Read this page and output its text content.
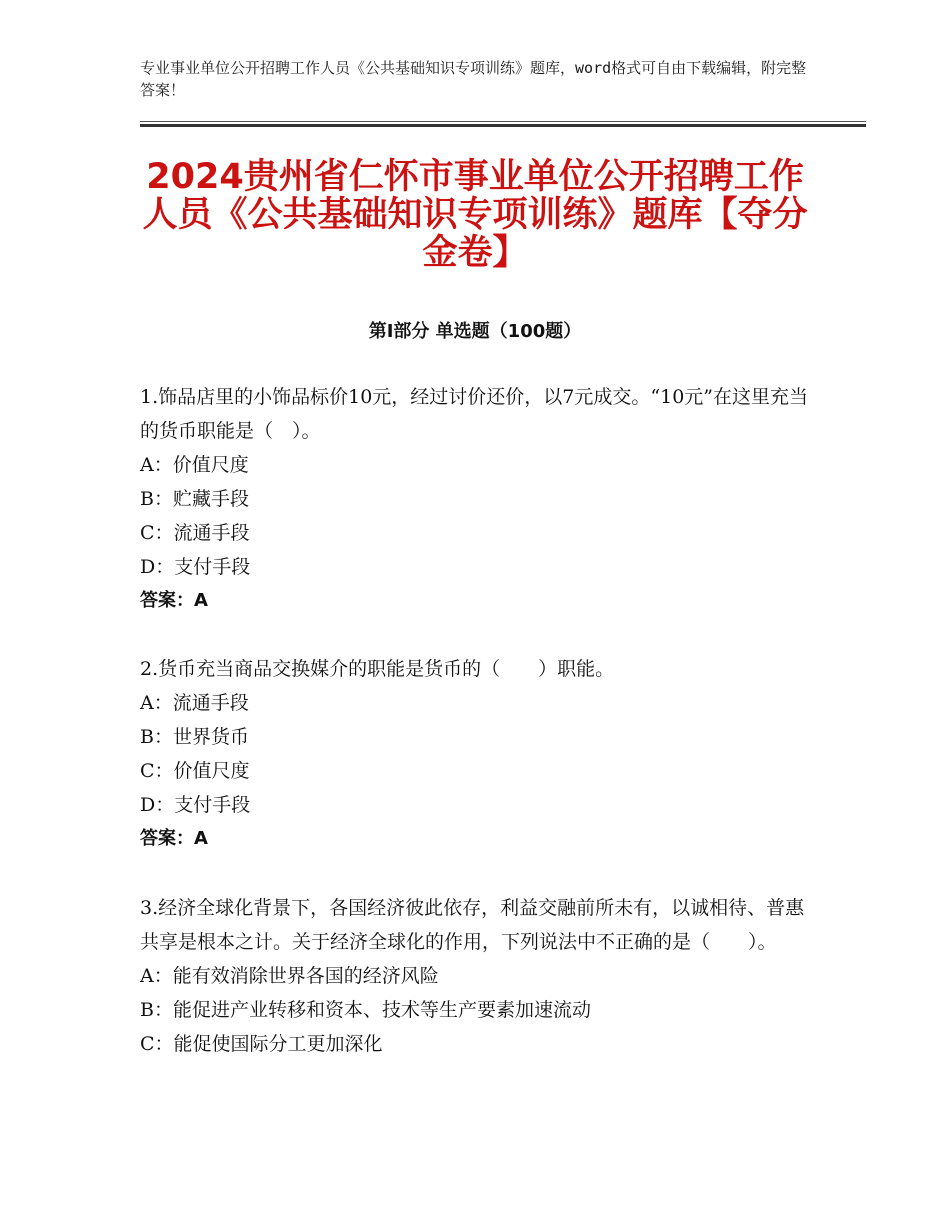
专业事业单位公开招聘工作人员《公共基础知识专项训练》题库，word格式可自由下载编辑，附完整答案！
2024贵州省仁怀市事业单位公开招聘工作人员《公共基础知识专项训练》题库【夺分金卷】
第Ⅰ部分 单选题（100题）

1.饰品店里的小饰品标价10元，经过讨价还价，以7元成交。“10元”在这里充当的货币职能是（　）。

A：价值尺度

B：贮藏手段

C：流通手段

D：支付手段

答案：A

2.货币充当商品交换媒介的职能是货币的（　　）职能。

A：流通手段

B：世界货币

C：价值尺度

D：支付手段

答案：A

3.经济全球化背景下，各国经济彼此依存，利益交融前所未有，以诚相待、普惠共享是根本之计。关于经济全球化的作用，下列说法中不正确的是（　　）。

A：能有效消除世界各国的经济风险

B：能促进产业转移和资本、技术等生产要素加速流动

C：能促使国际分工更加深化
